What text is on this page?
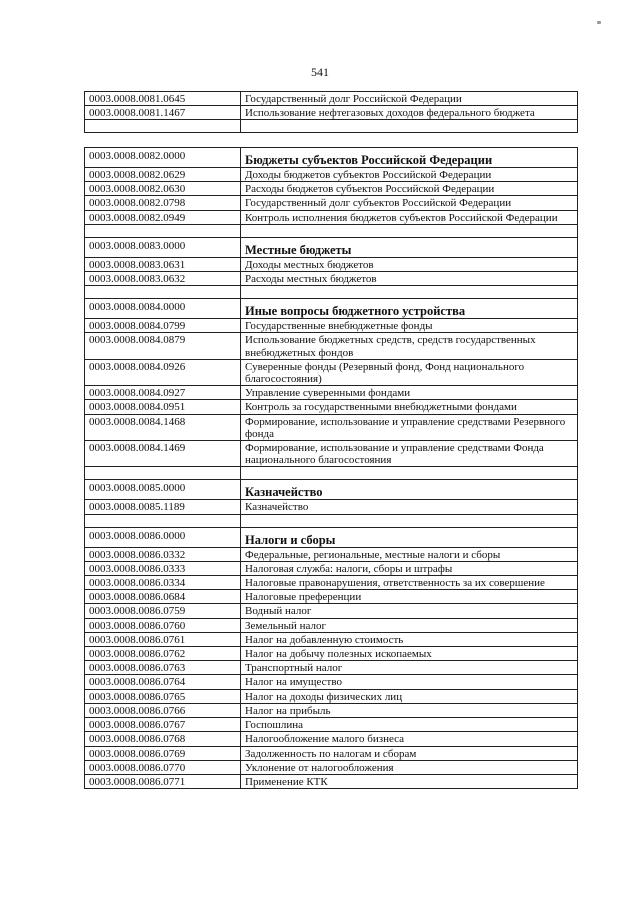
541
0003.0008.0081.0645	Государственный долг Российской Федерации
0003.0008.0081.1467	Использование нефтегазовых доходов федерального бюджета

0003.0008.0082.0000	Бюджеты субъектов Российской Федерации
0003.0008.0082.0629	Доходы бюджетов субъектов Российской Федерации
0003.0008.0082.0630	Расходы бюджетов субъектов Российской Федерации
0003.0008.0082.0798	Государственный долг субъектов Российской Федерации
0003.0008.0082.0949	Контроль исполнения бюджетов субъектов Российской Федерации

0003.0008.0083.0000	Местные бюджеты
0003.0008.0083.0631	Доходы местных бюджетов
0003.0008.0083.0632	Расходы местных бюджетов

0003.0008.0084.0000	Иные вопросы бюджетного устройства
0003.0008.0084.0799	Государственные внебюджетные фонды
0003.0008.0084.0879	Использование бюджетных средств, средств государственных внебюджетных фондов
0003.0008.0084.0926	Суверенные фонды (Резервный фонд, Фонд национального благосостояния)
0003.0008.0084.0927	Управление суверенными фондами
0003.0008.0084.0951	Контроль за государственными внебюджетными фондами
0003.0008.0084.1468	Формирование, использование и управление средствами Резервного фонда
0003.0008.0084.1469	Формирование, использование и управление средствами Фонда национального благосостояния

0003.0008.0085.0000	Казначейство
0003.0008.0085.1189	Казначейство

0003.0008.0086.0000	Налоги и сборы
0003.0008.0086.0332	Федеральные, региональные, местные налоги и сборы
0003.0008.0086.0333	Налоговая служба: налоги, сборы и штрафы
0003.0008.0086.0334	Налоговые правонарушения, ответственность за их совершение
0003.0008.0086.0684	Налоговые преференции
0003.0008.0086.0759	Водный налог
0003.0008.0086.0760	Земельный налог
0003.0008.0086.0761	Налог на добавленную стоимость
0003.0008.0086.0762	Налог на добычу полезных ископаемых
0003.0008.0086.0763	Транспортный налог
0003.0008.0086.0764	Налог на имущество
0003.0008.0086.0765	Налог на доходы физических лиц
0003.0008.0086.0766	Налог на прибыль
0003.0008.0086.0767	Госпошлина
0003.0008.0086.0768	Налогообложение малого бизнеса
0003.0008.0086.0769	Задолженность по налогам и сборам
0003.0008.0086.0770	Уклонение от налогообложения
0003.0008.0086.0771	Применение КТК
